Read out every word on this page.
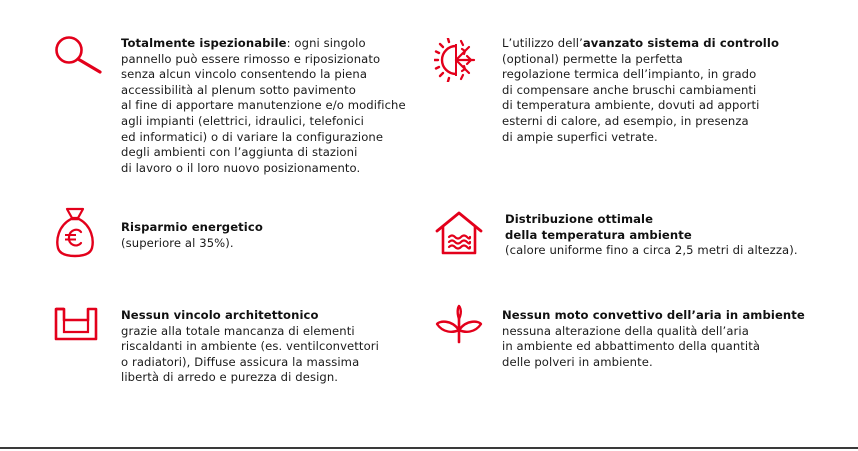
Totalmente ispezionabile: ogni singolo
pannello può essere rimosso e riposizionato
senza alcun vincolo consentendo la piena
accessibilità al plenum sotto pavimento
al fine di apportare manutenzione e/o modifiche
agli impianti (elettrici, idraulici, telefonici
ed informatici) o di variare la configurazione
degli ambienti con l’aggiunta di stazioni
di lavoro o il loro nuovo posizionamento.
L’utilizzo dell’avanzato sistema di controllo
(optional) permette la perfetta
regolazione termica dell’impianto, in grado
di compensare anche bruschi cambiamenti
di temperatura ambiente, dovuti ad apporti
esterni di calore, ad esempio, in presenza
di ampie superfici vetrate.
Risparmio energetico
(superiore al 35%).
Distribuzione ottimale
della temperatura ambiente
(calore uniforme fino a circa 2,5 metri di altezza).
Nessun vincolo architettonico
grazie alla totale mancanza di elementi
riscaldanti in ambiente (es. ventilconvettori
o radiatori), Diffuse assicura la massima
libertà di arredo e purezza di design.
Nessun moto convettivo dell’aria in ambiente
nessuna alterazione della qualità dell’aria
in ambiente ed abbattimento della quantità
delle polveri in ambiente.
